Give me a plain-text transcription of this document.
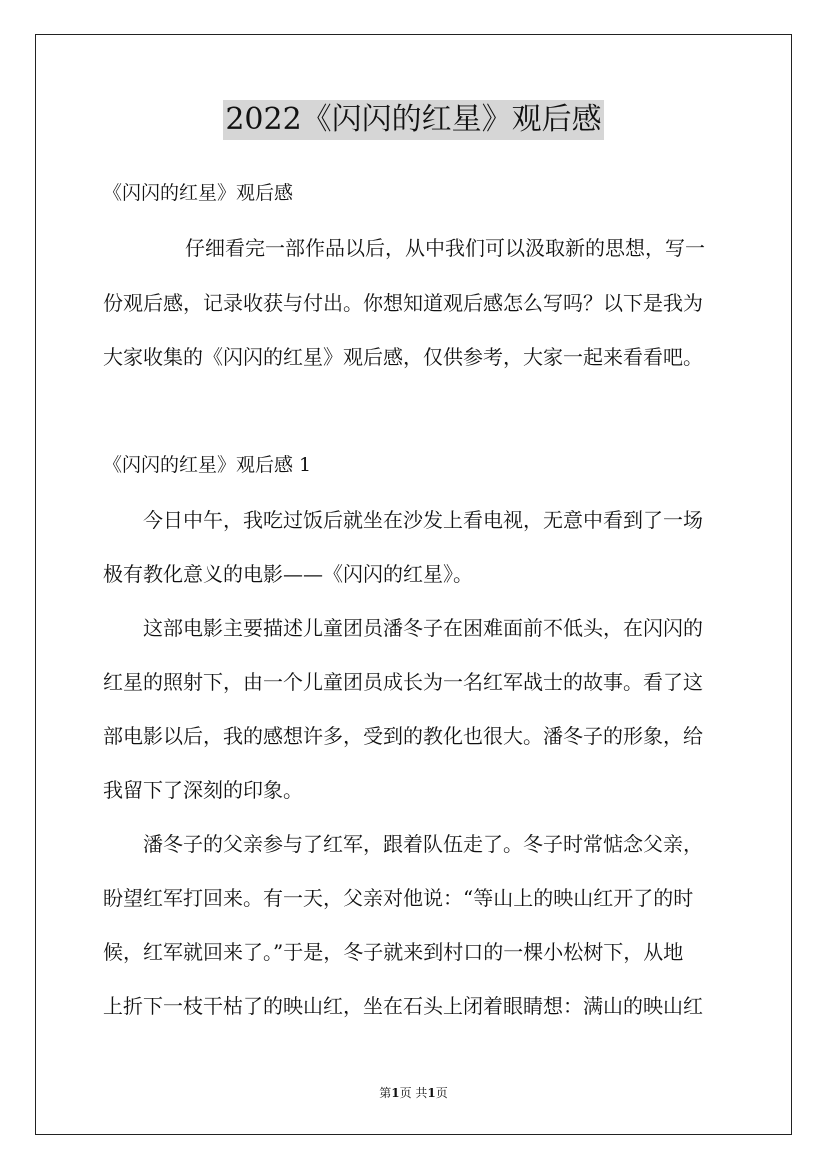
2022《闪闪的红星》观后感
《闪闪的红星》观后感
仔细看完一部作品以后，从中我们可以汲取新的思想，写一
份观后感，记录收获与付出。你想知道观后感怎么写吗？以下是我为
大家收集的《闪闪的红星》观后感，仅供参考，大家一起来看看吧。
《闪闪的红星》观后感 1
今日中午，我吃过饭后就坐在沙发上看电视，无意中看到了一场
极有教化意义的电影——《闪闪的红星》。
这部电影主要描述儿童团员潘冬子在困难面前不低头，在闪闪的
红星的照射下，由一个儿童团员成长为一名红军战士的故事。看了这
部电影以后，我的感想许多，受到的教化也很大。潘冬子的形象，给
我留下了深刻的印象。
潘冬子的父亲参与了红军，跟着队伍走了。冬子时常惦念父亲，
盼望红军打回来。有一天，父亲对他说：“等山上的映山红开了的时
候，红军就回来了。”于是，冬子就来到村口的一棵小松树下，从地
上折下一枝干枯了的映山红，坐在石头上闭着眼睛想：满山的映山红
第1页 共1页
